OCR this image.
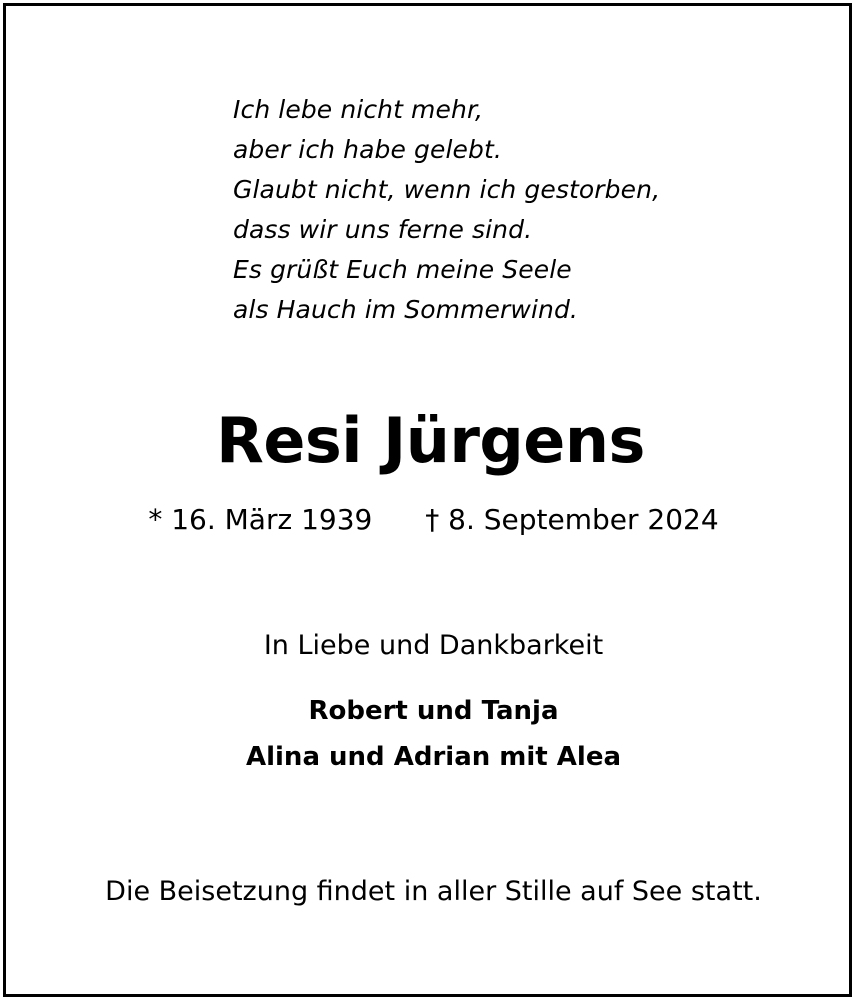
Ich lebe nicht mehr,
aber ich habe gelebt.
Glaubt nicht, wenn ich gestorben,
dass wir uns ferne sind.
Es grüßt Euch meine Seele
als Hauch im Sommerwind.
Resi Jürgens
* 16. März 1939 † 8. September 2024
In Liebe und Dankbarkeit
Robert und Tanja
Alina und Adrian mit Alea
Die Beisetzung findet in aller Stille auf See statt.
